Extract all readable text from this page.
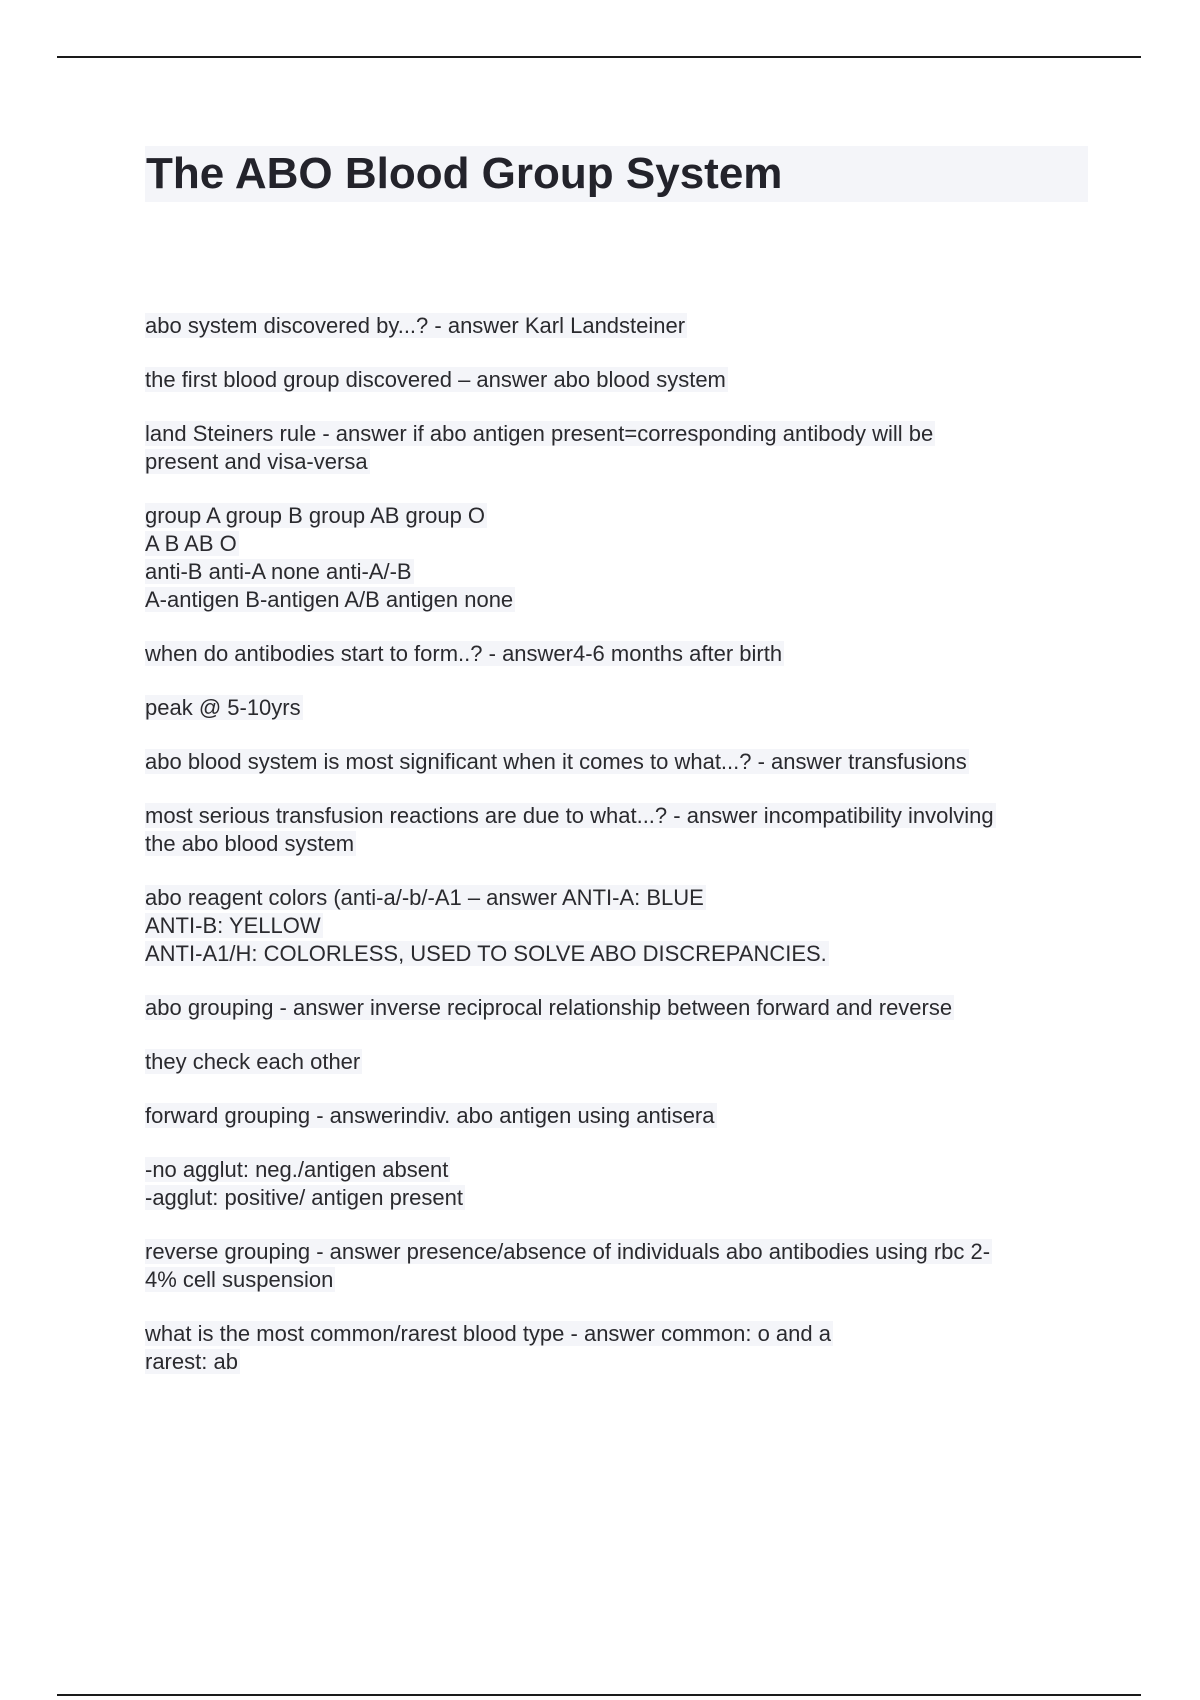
The ABO Blood Group System
abo system discovered by...? - answer Karl Landsteiner
the first blood group discovered – answer abo blood system
land Steiners rule - answer if abo antigen present=corresponding antibody will be
present and visa-versa
group A group B group AB group O
A B AB O
anti-B anti-A none anti-A/-B
A-antigen B-antigen A/B antigen none
when do antibodies start to form..? - answer4-6 months after birth
peak @ 5-10yrs
abo blood system is most significant when it comes to what...? - answer transfusions
most serious transfusion reactions are due to what...? - answer incompatibility involving
the abo blood system
abo reagent colors (anti-a/-b/-A1 – answer ANTI-A: BLUE
ANTI-B: YELLOW
ANTI-A1/H: COLORLESS, USED TO SOLVE ABO DISCREPANCIES.
abo grouping - answer inverse reciprocal relationship between forward and reverse
they check each other
forward grouping - answerindiv. abo antigen using antisera
-no agglut: neg./antigen absent
-agglut: positive/ antigen present
reverse grouping - answer presence/absence of individuals abo antibodies using rbc 2-
4% cell suspension
what is the most common/rarest blood type - answer common: o and a
rarest: ab
